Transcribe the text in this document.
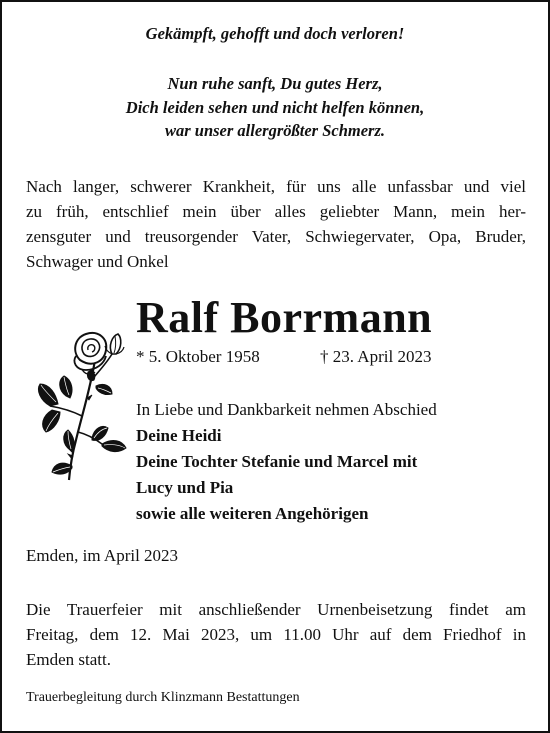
Gekämpft, gehofft und doch verloren!
Nun ruhe sanft, Du gutes Herz,
Dich leiden sehen und nicht helfen können,
war unser allergrößter Schmerz.
Nach langer, schwerer Krankheit, für uns alle unfassbar und viel
zu früh, entschlief mein über alles geliebter Mann, mein her-
zensguter und treusorgender Vater, Schwiegervater, Opa, Bruder,
Schwager und Onkel
Ralf Borrmann
* 5. Oktober 1958	† 23. April 2023
In Liebe und Dankbarkeit nehmen Abschied
Deine Heidi
Deine Tochter Stefanie und Marcel mit
Lucy und Pia
sowie alle weiteren Angehörigen
Emden, im April 2023
Die Trauerfeier mit anschließender Urnenbeisetzung findet am
Freitag, dem 12. Mai 2023, um 11.00 Uhr auf dem Friedhof in
Emden statt.
Trauerbegleitung durch Klinzmann Bestattungen
